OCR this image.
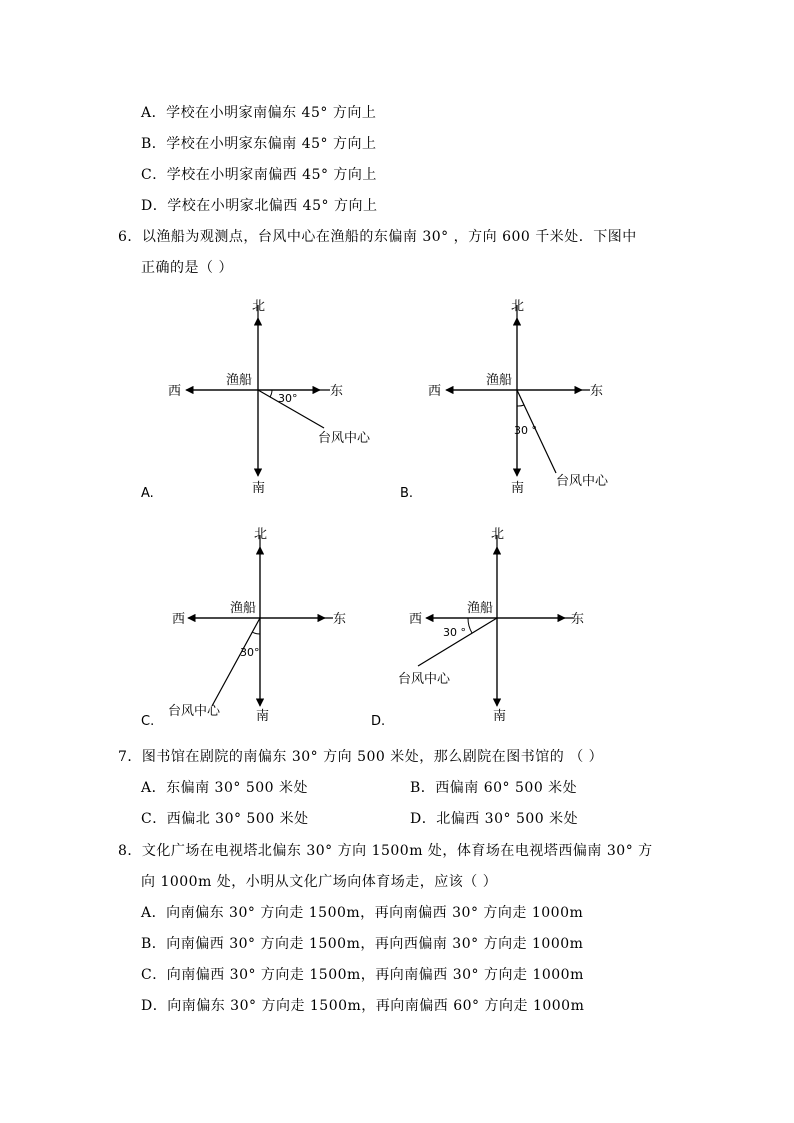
A．学校在小明家南偏东 45° 方向上
B．学校在小明家东偏南 45° 方向上
C．学校在小明家南偏西 45° 方向上
D．学校在小明家北偏西 45° 方向上
6．以渔船为观测点，台风中心在渔船的东偏南 30° ，方向 600 千米处．下图中
正确的是（ ）
北
南
东
西
渔船
30°
台风中心
A.
北
南
东
西
渔船
30 °
台风中心
B.
北
南
东
西
渔船
30°
台风中心
C.
北
南
东
西
渔船
30 °
台风中心
D.
7．图书馆在剧院的南偏东 30° 方向 500 米处，那么剧院在图书馆的 （ ）
A．东偏南 30° 500 米处	B．西偏南 60° 500 米处
C．西偏北 30° 500 米处	D．北偏西 30° 500 米处
8．文化广场在电视塔北偏东 30° 方向 1500m 处，体育场在电视塔西偏南 30° 方
向 1000m 处，小明从文化广场向体育场走，应该（ ）
A．向南偏东 30° 方向走 1500m，再向南偏西 30° 方向走 1000m
B．向南偏西 30° 方向走 1500m，再向西偏南 30° 方向走 1000m
C．向南偏西 30° 方向走 1500m，再向南偏西 30° 方向走 1000m
D．向南偏东 30° 方向走 1500m，再向南偏西 60° 方向走 1000m
